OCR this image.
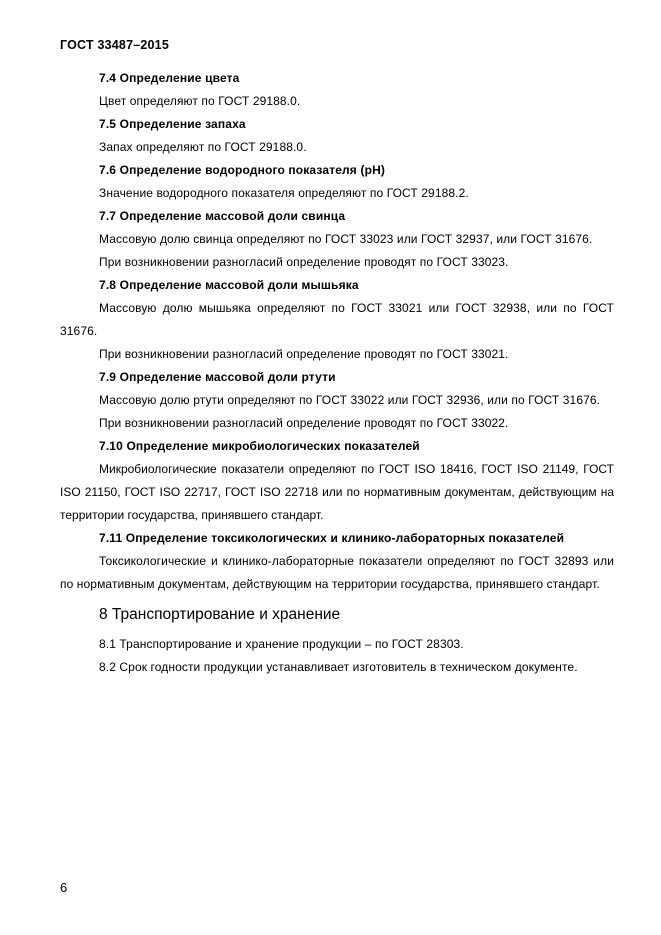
ГОСТ 33487–2015

7.4 Определение цвета

Цвет определяют по ГОСТ 29188.0.

7.5 Определение запаха

Запах определяют по ГОСТ 29188.0.

7.6 Определение водородного показателя (рН)

Значение водородного показателя определяют по ГОСТ 29188.2.

7.7 Определение массовой доли свинца

Массовую долю свинца определяют по ГОСТ 33023 или ГОСТ 32937, или ГОСТ 31676.

При возникновении разногласий определение проводят по ГОСТ 33023.

7.8 Определение массовой доли мышьяка

Массовую долю мышьяка определяют по ГОСТ 33021 или ГОСТ 32938, или по ГОСТ 31676.

При возникновении разногласий определение проводят по ГОСТ 33021.

7.9 Определение массовой доли ртути

Массовую долю ртути определяют по ГОСТ 33022 или ГОСТ 32936, или по ГОСТ 31676.

При возникновении разногласий определение проводят по ГОСТ 33022.

7.10 Определение микробиологических показателей

Микробиологические показатели определяют по ГОСТ ISO 18416, ГОСТ ISO 21149, ГОСТ ISO 21150, ГОСТ ISO 22717, ГОСТ ISO 22718 или по нормативным документам, действующим на территории государства, принявшего стандарт.

7.11 Определение токсикологических и клинико-лабораторных показателей

Токсикологические и клинико-лабораторные показатели определяют по ГОСТ 32893 или по нормативным документам, действующим на территории государства, принявшего стандарт.

8 Транспортирование и хранение

8.1 Транспортирование и хранение продукции – по ГОСТ 28303.

8.2 Срок годности продукции устанавливает изготовитель в техническом документе.

6
